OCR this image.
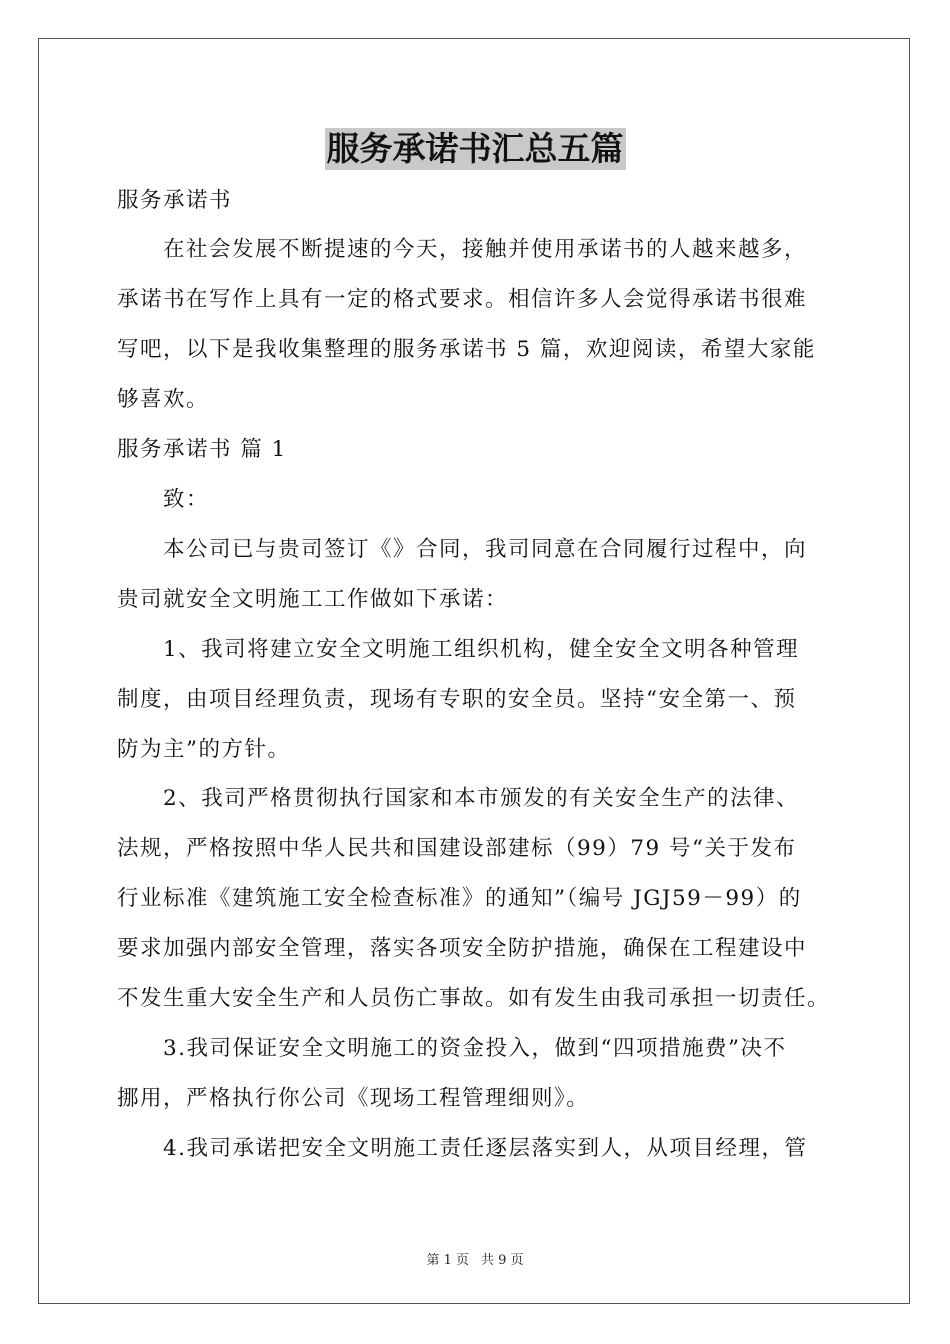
服务承诺书汇总五篇
服务承诺书
在社会发展不断提速的今天，接触并使用承诺书的人越来越多，
承诺书在写作上具有一定的格式要求。相信许多人会觉得承诺书很难
写吧，以下是我收集整理的服务承诺书 5 篇，欢迎阅读，希望大家能
够喜欢。
服务承诺书 篇 1
致：
本公司已与贵司签订《》合同，我司同意在合同履行过程中，向
贵司就安全文明施工工作做如下承诺：
1、我司将建立安全文明施工组织机构，健全安全文明各种管理
制度，由项目经理负责，现场有专职的安全员。坚持“安全第一、预
防为主”的方针。
2、我司严格贯彻执行国家和本市颁发的有关安全生产的法律、
法规，严格按照中华人民共和国建设部建标（99）79 号“关于发布
行业标准《建筑施工安全检查标准》的通知”（编号 JGJ59－99）的
要求加强内部安全管理，落实各项安全防护措施，确保在工程建设中
不发生重大安全生产和人员伤亡事故。如有发生由我司承担一切责任。
3.我司保证安全文明施工的资金投入，做到“四项措施费”决不
挪用，严格执行你公司《现场工程管理细则》。
4.我司承诺把安全文明施工责任逐层落实到人，从项目经理，管
第 1 页 共 9 页
